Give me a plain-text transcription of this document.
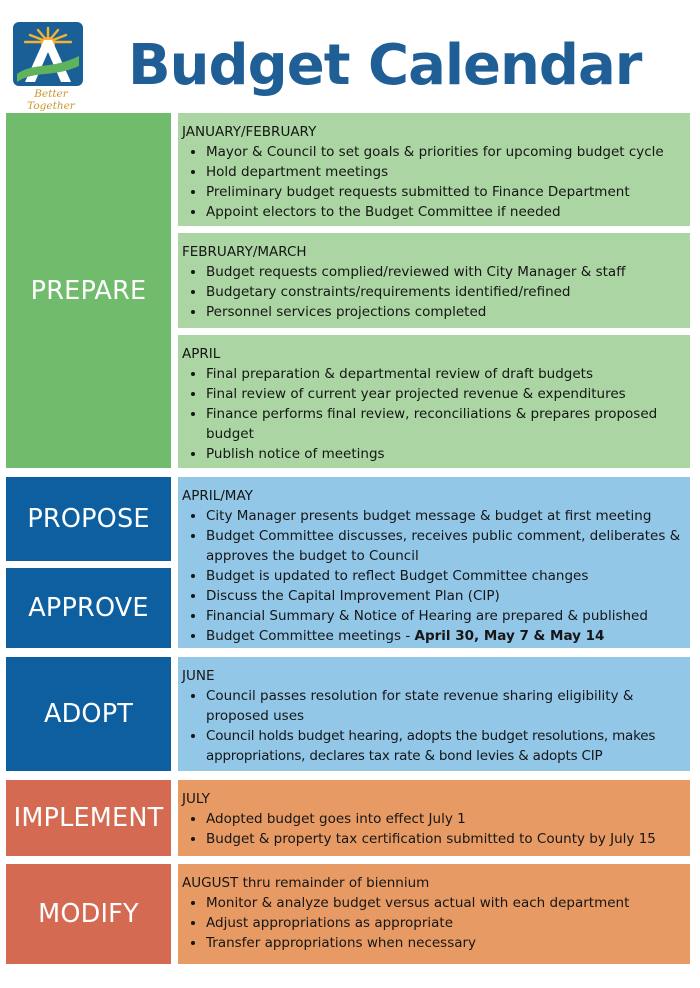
Better Together
Budget Calendar
PREPARE
PROPOSE
APPROVE
ADOPT
IMPLEMENT
MODIFY
JANUARY/FEBRUARY
• Mayor & Council to set goals & priorities for upcoming budget cycle
• Hold department meetings
• Preliminary budget requests submitted to Finance Department
• Appoint electors to the Budget Committee if needed
FEBRUARY/MARCH
• Budget requests complied/reviewed with City Manager & staff
• Budgetary constraints/requirements identified/refined
• Personnel services projections completed
APRIL
• Final preparation & departmental review of draft budgets
• Final review of current year projected revenue & expenditures
• Finance performs final review, reconciliations & prepares proposed budget
• Publish notice of meetings
APRIL/MAY
• City Manager presents budget message & budget at first meeting
• Budget Committee discusses, receives public comment, deliberates & approves the budget to Council
• Budget is updated to reflect Budget Committee changes
• Discuss the Capital Improvement Plan (CIP)
• Financial Summary & Notice of Hearing are prepared & published
• Budget Committee meetings - April 30, May 7 & May 14
JUNE
• Council passes resolution for state revenue sharing eligibility & proposed uses
• Council holds budget hearing, adopts the budget resolutions, makes appropriations, declares tax rate & bond levies & adopts CIP
JULY
• Adopted budget goes into effect July 1
• Budget & property tax certification submitted to County by July 15
AUGUST thru remainder of biennium
• Monitor & analyze budget versus actual with each department
• Adjust appropriations as appropriate
• Transfer appropriations when necessary
